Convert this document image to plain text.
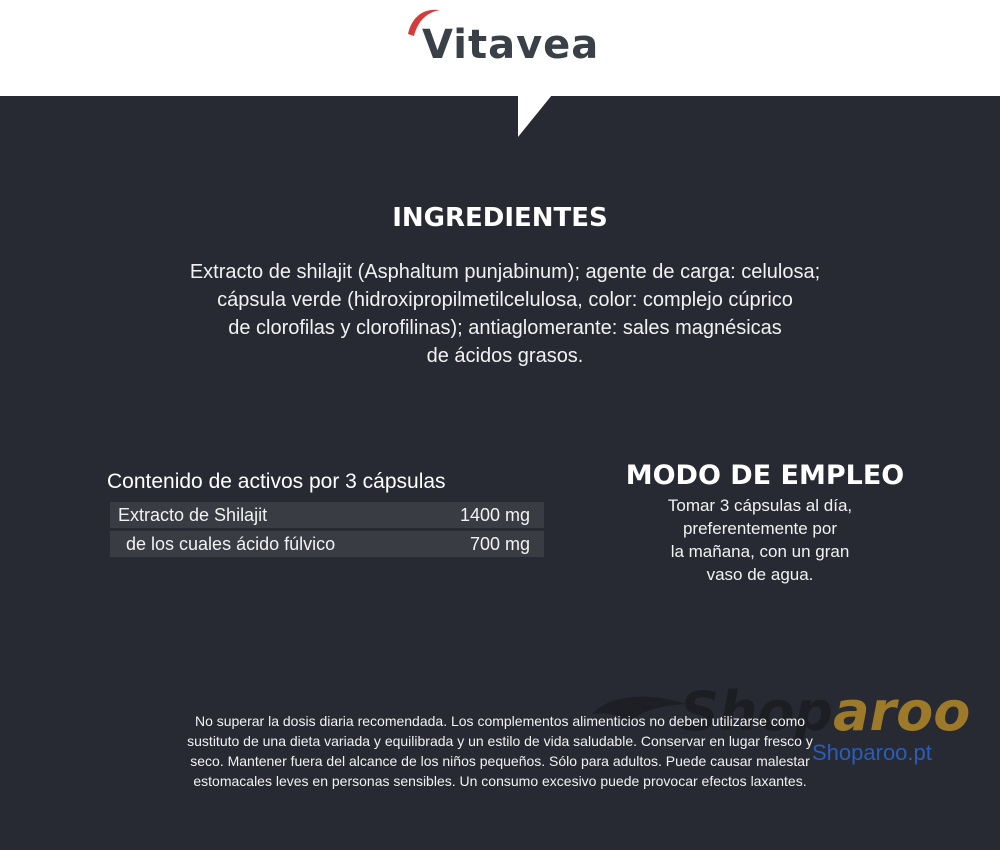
Vitavea
INGREDIENTES
Extracto de shilajit (Asphaltum punjabinum); agente de carga: celulosa;
cápsula verde (hidroxipropilmetilcelulosa, color: complejo cúprico
de clorofilas y clorofilinas); antiaglomerante: sales magnésicas
de ácidos grasos.
Contenido de activos por 3 cápsulas
Extracto de Shilajit	1400 mg
de los cuales ácido fúlvico	700 mg
MODO DE EMPLEO
Tomar 3 cápsulas al día,
preferentemente por
la mañana, con un gran
vaso de agua.
Shoparoo
Shoparoo.pt
No superar la dosis diaria recomendada. Los complementos alimenticios no deben utilizarse como
sustituto de una dieta variada y equilibrada y un estilo de vida saludable. Conservar en lugar fresco y
seco. Mantener fuera del alcance de los niños pequeños. Sólo para adultos. Puede causar malestar
estomacales leves en personas sensibles. Un consumo excesivo puede provocar efectos laxantes.
